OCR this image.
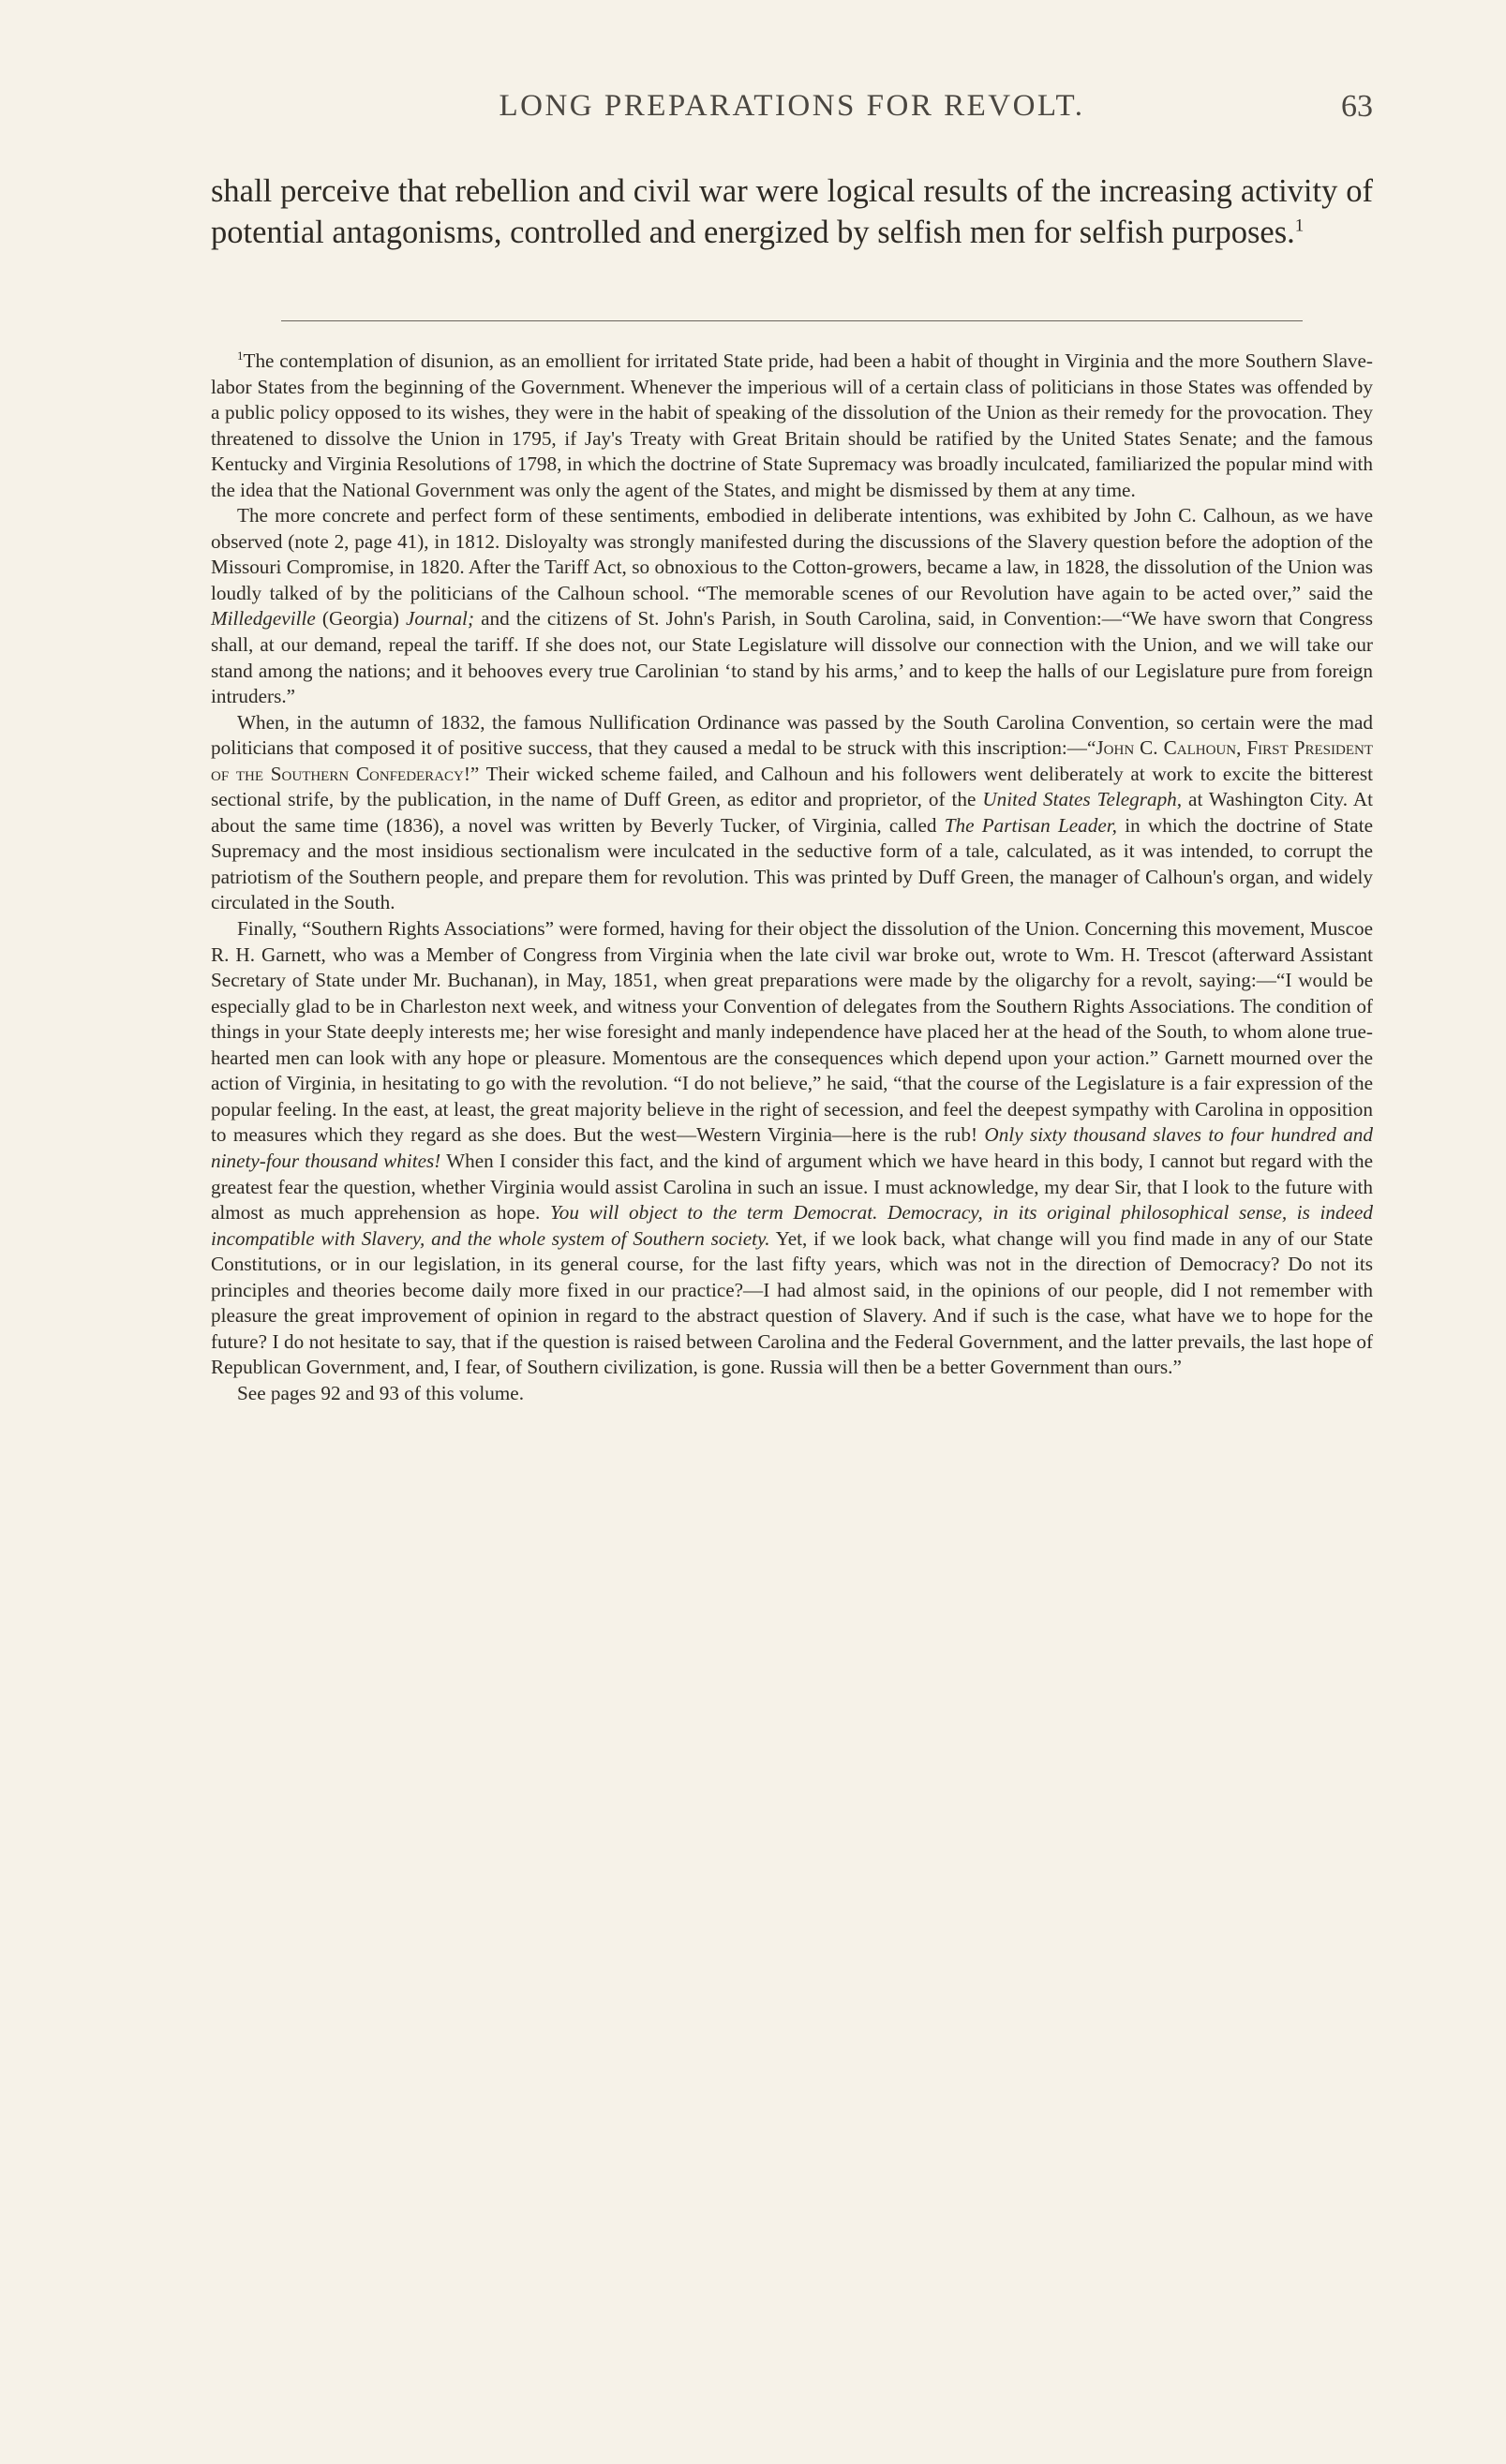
LONG PREPARATIONS FOR REVOLT.	63

shall perceive that rebellion and civil war were logical results of the increasing activity of potential antagonisms, controlled and energized by selfish men for selfish purposes.$^1$

$^1$The contemplation of disunion, as an emollient for irritated State pride, had been a habit of thought in Virginia and the more Southern Slave-labor States from the beginning of the Government. Whenever the imperious will of a certain class of politicians in those States was offended by a public policy opposed to its wishes, they were in the habit of speaking of the dissolution of the Union as their remedy for the provocation. They threatened to dissolve the Union in 1795, if Jay's Treaty with Great Britain should be ratified by the United States Senate; and the famous Kentucky and Virginia Resolutions of 1798, in which the doctrine of State Supremacy was broadly inculcated, familiarized the popular mind with the idea that the National Government was only the agent of the States, and might be dismissed by them at any time.

The more concrete and perfect form of these sentiments, embodied in deliberate intentions, was exhibited by John C. Calhoun, as we have observed (note 2, page 41), in 1812. Disloyalty was strongly manifested during the discussions of the Slavery question before the adoption of the Missouri Compromise, in 1820. After the Tariff Act, so obnoxious to the Cotton-growers, became a law, in 1828, the dissolution of the Union was loudly talked of by the politicians of the Calhoun school. “The memorable scenes of our Revolution have again to be acted over,” said the Milledgeville (Georgia) Journal; and the citizens of St. John's Parish, in South Carolina, said, in Convention:—“We have sworn that Congress shall, at our demand, repeal the tariff. If she does not, our State Legislature will dissolve our connection with the Union, and we will take our stand among the nations; and it behooves every true Carolinian ‘to stand by his arms,’ and to keep the halls of our Legislature pure from foreign intruders.”

When, in the autumn of 1832, the famous Nullification Ordinance was passed by the South Carolina Convention, so certain were the mad politicians that composed it of positive success, that they caused a medal to be struck with this inscription:—“John C. Calhoun, First President of the Southern Confederacy!” Their wicked scheme failed, and Calhoun and his followers went deliberately at work to excite the bitterest sectional strife, by the publication, in the name of Duff Green, as editor and proprietor, of the United States Telegraph, at Washington City. At about the same time (1836), a novel was written by Beverly Tucker, of Virginia, called The Partisan Leader, in which the doctrine of State Supremacy and the most insidious sectionalism were inculcated in the seductive form of a tale, calculated, as it was intended, to corrupt the patriotism of the Southern people, and prepare them for revolution. This was printed by Duff Green, the manager of Calhoun's organ, and widely circulated in the South.

Finally, “Southern Rights Associations” were formed, having for their object the dissolution of the Union. Concerning this movement, Muscoe R. H. Garnett, who was a Member of Congress from Virginia when the late civil war broke out, wrote to Wm. H. Trescot (afterward Assistant Secretary of State under Mr. Buchanan), in May, 1851, when great preparations were made by the oligarchy for a revolt, saying:—“I would be especially glad to be in Charleston next week, and witness your Convention of delegates from the Southern Rights Associations. The condition of things in your State deeply interests me; her wise foresight and manly independence have placed her at the head of the South, to whom alone true-hearted men can look with any hope or pleasure. Momentous are the consequences which depend upon your action.” Garnett mourned over the action of Virginia, in hesitating to go with the revolution. “I do not believe,” he said, “that the course of the Legislature is a fair expression of the popular feeling. In the east, at least, the great majority believe in the right of secession, and feel the deepest sympathy with Carolina in opposition to measures which they regard as she does. But the west—Western Virginia—here is the rub! Only sixty thousand slaves to four hundred and ninety-four thousand whites! When I consider this fact, and the kind of argument which we have heard in this body, I cannot but regard with the greatest fear the question, whether Virginia would assist Carolina in such an issue. I must acknowledge, my dear Sir, that I look to the future with almost as much apprehension as hope. You will object to the term Democrat. Democracy, in its original philosophical sense, is indeed incompatible with Slavery, and the whole system of Southern society. Yet, if we look back, what change will you find made in any of our State Constitutions, or in our legislation, in its general course, for the last fifty years, which was not in the direction of Democracy? Do not its principles and theories become daily more fixed in our practice?—I had almost said, in the opinions of our people, did I not remember with pleasure the great improvement of opinion in regard to the abstract question of Slavery. And if such is the case, what have we to hope for the future? I do not hesitate to say, that if the question is raised between Carolina and the Federal Government, and the latter prevails, the last hope of Republican Government, and, I fear, of Southern civilization, is gone. Russia will then be a better Government than ours.”

See pages 92 and 93 of this volume.
